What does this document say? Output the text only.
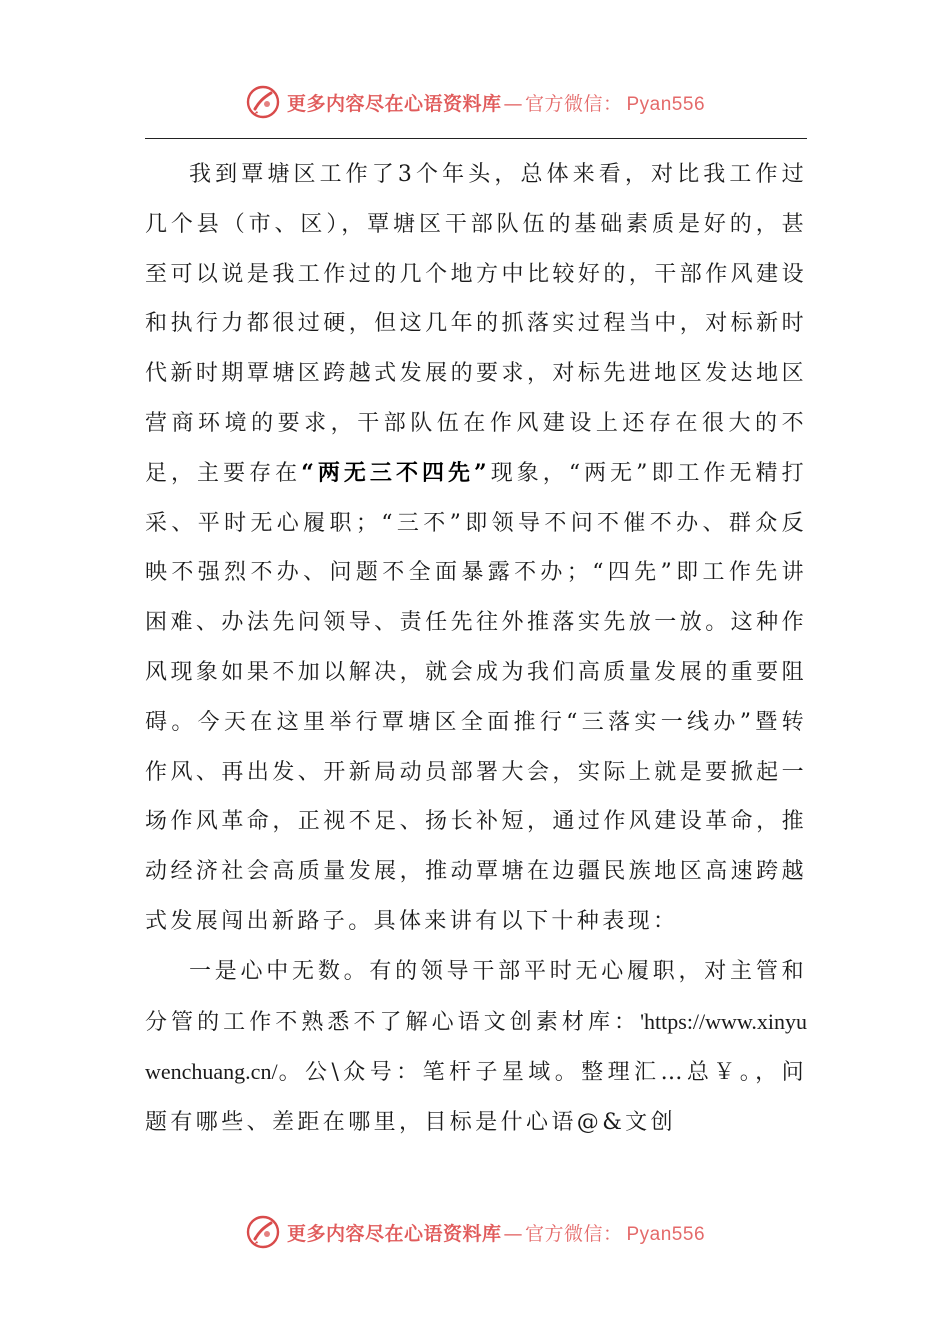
更多内容尽在心语资料库 — 官方微信： Pyan556

我到覃塘区工作了3个年头，总体来看，对比我工作过几个县（市、区），覃塘区干部队伍的基础素质是好的，甚至可以说是我工作过的几个地方中比较好的，干部作风建设和执行力都很过硬，但这几年的抓落实过程当中，对标新时代新时期覃塘区跨越式发展的要求，对标先进地区发达地区营商环境的要求，干部队伍在作风建设上还存在很大的不足，主要存在“两无三不四先”现象，“两无”即工作无精打采、平时无心履职；“三不”即领导不问不催不办、群众反映不强烈不办、问题不全面暴露不办；“四先”即工作先讲困难、办法先问领导、责任先往外推落实先放一放。这种作风现象如果不加以解决，就会成为我们高质量发展的重要阻碍。今天在这里举行覃塘区全面推行“三落实一线办”暨转作风、再出发、开新局动员部署大会，实际上就是要掀起一场作风革命，正视不足、扬长补短，通过作风建设革命，推动经济社会高质量发展，推动覃塘在边疆民族地区高速跨越式发展闯出新路子。具体来讲有以下十种表现：

一是心中无数。有的领导干部平时无心履职，对主管和分管的工作不熟悉不了解心语文创素材库：'https://www.xinyuwenchuang.cn/。公\众号：笔杆子星域。整理汇…总￥。，问题有哪些、差距在哪里，目标是什心语@&文创

更多内容尽在心语资料库 — 官方微信： Pyan556
